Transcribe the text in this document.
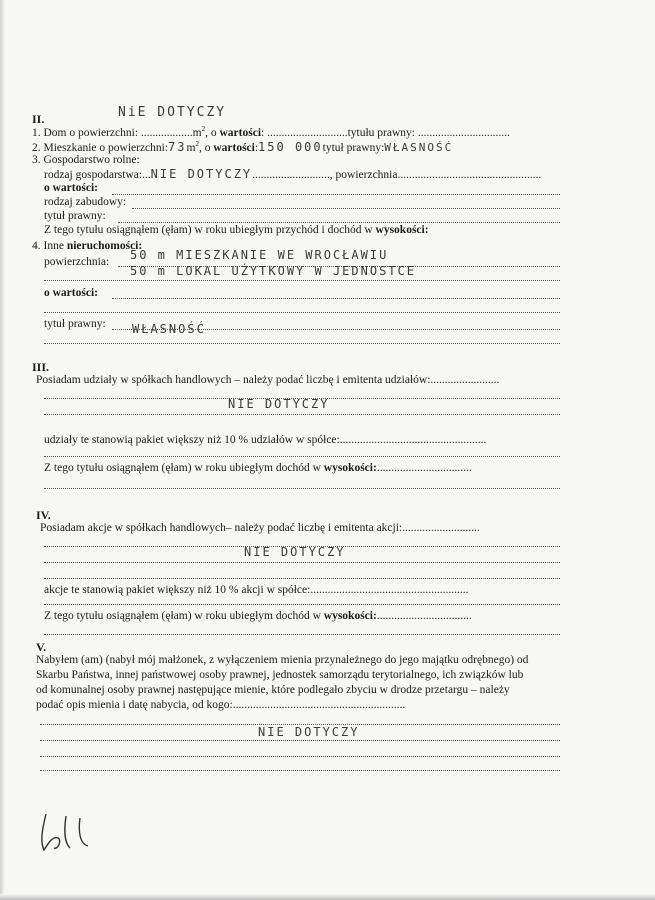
II.	NiE DOTYCZY
1. Dom o powierzchni: $..................m^2$, o wartości: ............................tytułu prawny: ................................
2. Mieszkanie o $powierzchni:73m^2$, o wartości:150 000tytuł prawny:WŁASNOŚĆ
3. Gospodarstwo rolne:
rodzaj gospodarstwa:...NIE DOTYCZY..........................., powierzchnia..................................................
o wartości:
rodzaj zabudowy:
tytuł prawny:
Z tego tytułu osiągnąłem (ęłam) w roku ubiegłym przychód i dochód w wysokości:
4. Inne nieruchomości:
powierzchnia: 50 m MIESZKANIE WE WROCŁAWIU
50 m LOKAL UŻYTKOWY W JEDNOSTCE
o wartości:
tytuł prawny: WŁASNOŚĆ
III.
Posiadam udziały w spółkach handlowych – należy podać liczbę i emitenta udziałów:........................
NIE DOTYCZY
udziały te stanowią pakiet większy niż 10 % udziałów w spółce:...................................................
Z tego tytułu osiągnąłem (ęłam) w roku ubiegłym dochód w wysokości:.................................
IV.
Posiadam akcje w spółkach handlowych– należy podać liczbę i emitenta akcji:...........................
NIE DOTYCZY
akcje te stanowią pakiet większy niż 10 % akcji w spółce:.......................................................
Z tego tytułu osiągnąłem (ęłam) w roku ubiegłym dochód w wysokości:.................................
V.
Nabyłem (am) (nabył mój małżonek, z wyłączeniem mienia przynależnego do jego majątku odrębnego) od
Skarbu Państwa, innej państwowej osoby prawnej, jednostek samorządu terytorialnego, ich związków lub
od komunalnej osoby prawnej następujące mienie, które podlegało zbyciu w drodze przetargu – należy
podać opis mienia i datę nabycia, od kogo:............................................................
NIE DOTYCZY
